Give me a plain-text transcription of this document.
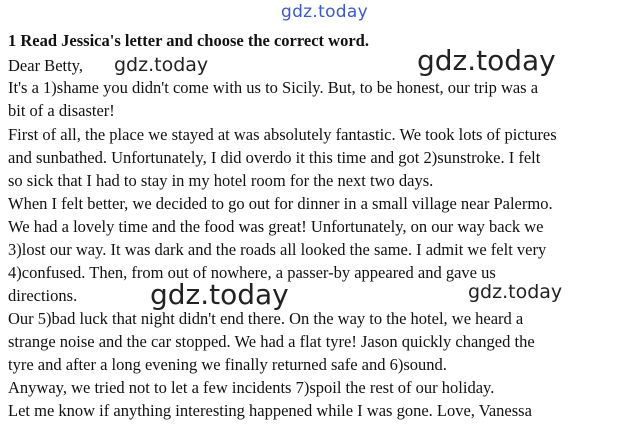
gdz.today
1 Read Jessica's letter and choose the correct word.
Dear Betty,
It's a 1)shame you didn't come with us to Sicily. But, to be honest, our trip was a
bit of a disaster!
First of all, the place we stayed at was absolutely fantastic. We took lots of pictures
and sunbathed. Unfortunately, I did overdo it this time and got 2)sunstroke. I felt
so sick that I had to stay in my hotel room for the next two days.
When I felt better, we decided to go out for dinner in a small village near Palermo.
We had a lovely time and the food was great! Unfortunately, on our way back we
3)lost our way. It was dark and the roads all looked the same. I admit we felt very
4)confused. Then, from out of nowhere, a passer-by appeared and gave us
directions.
Our 5)bad luck that night didn't end there. On the way to the hotel, we heard a
strange noise and the car stopped. We had a flat tyre! Jason quickly changed the
tyre and after a long evening we finally returned safe and 6)sound.
Anyway, we tried not to let a few incidents 7)spoil the rest of our holiday.
Let me know if anything interesting happened while I was gone. Love, Vanessa
gdz.today	gdz.today
gdz.today	gdz.today
